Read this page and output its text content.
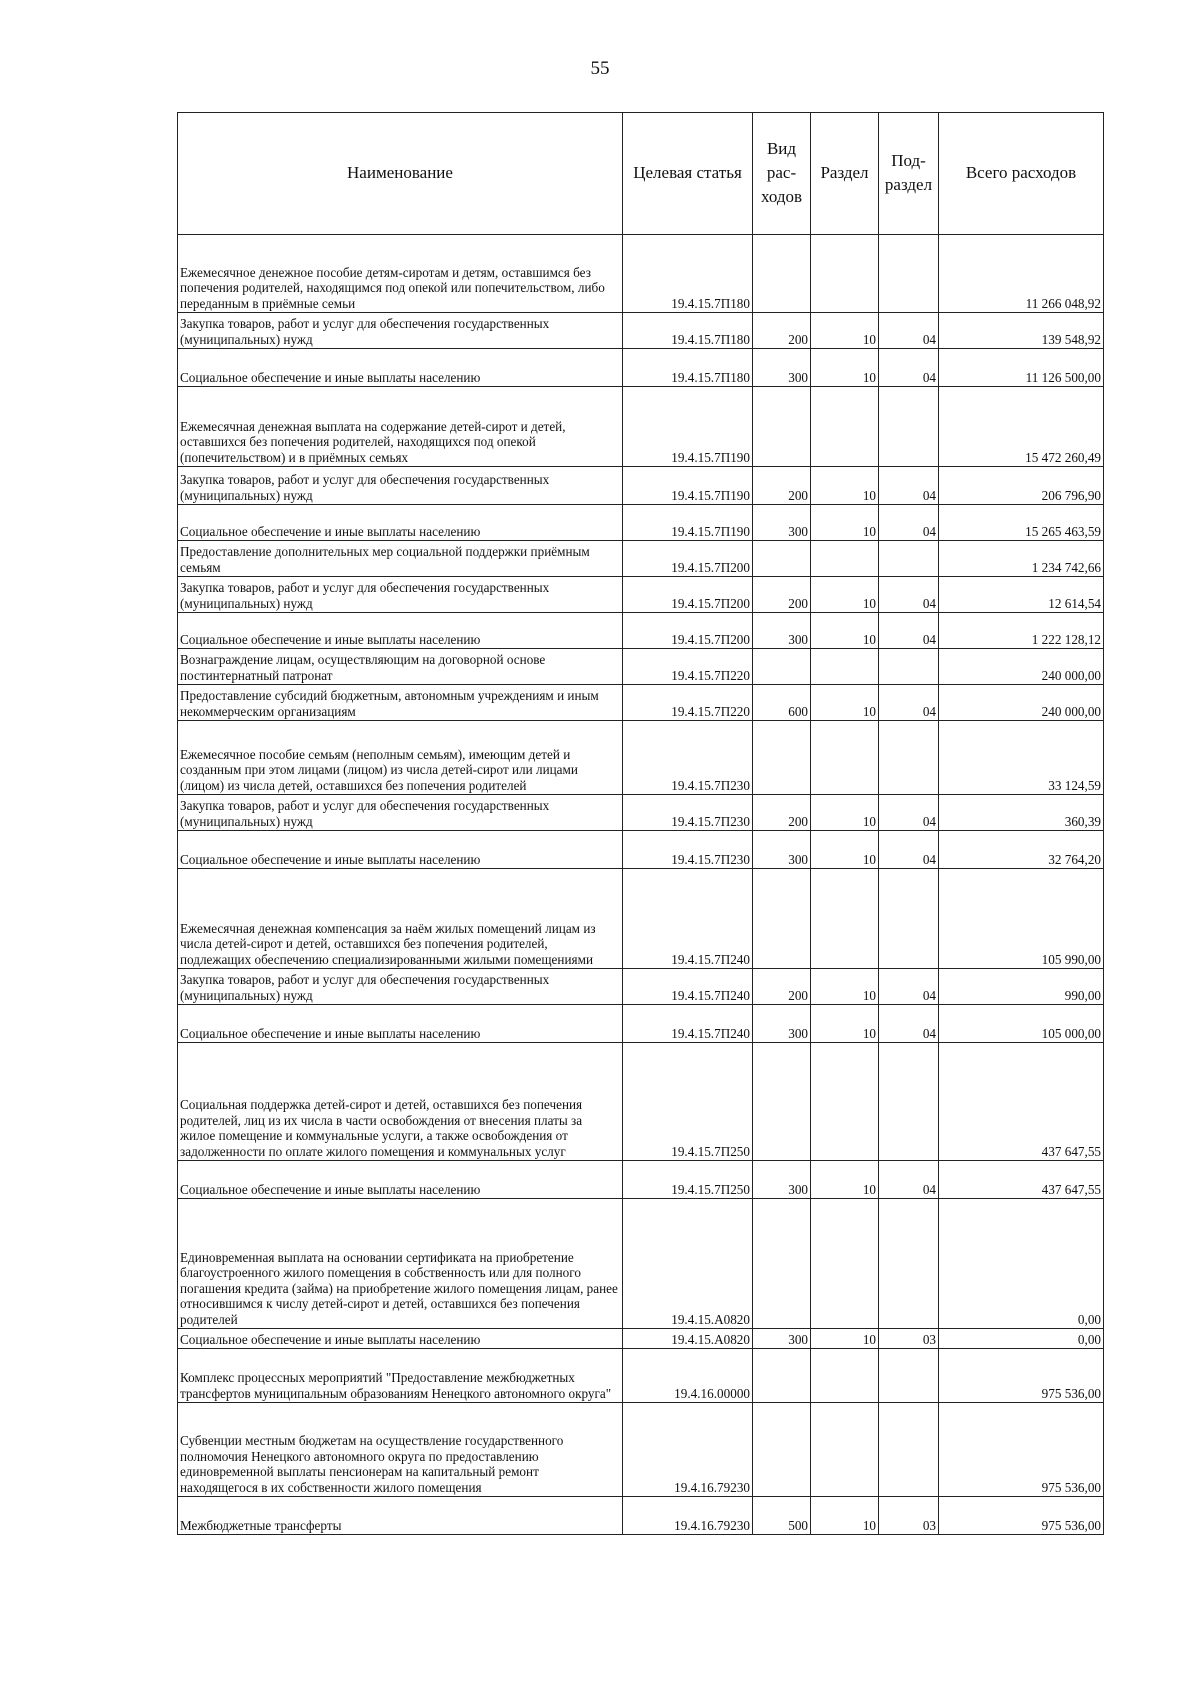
55
Наименование	Целевая статья	Вид рас-ходов	Раздел	Под-раздел	Всего расходов
Ежемесячное денежное пособие детям-сиротам и детям, оставшимся без попечения родителей, находящимся под опекой или попечительством, либо переданным в приёмные семьи	19.4.15.7П180				11 266 048,92
Закупка товаров, работ и услуг для обеспечения государственных (муниципальных) нужд	19.4.15.7П180	200	10	04	139 548,92
Социальное обеспечение и иные выплаты населению	19.4.15.7П180	300	10	04	11 126 500,00
Ежемесячная денежная выплата на содержание детей-сирот и детей, оставшихся без попечения родителей, находящихся под опекой (попечительством) и в приёмных семьях	19.4.15.7П190				15 472 260,49
Закупка товаров, работ и услуг для обеспечения государственных (муниципальных) нужд	19.4.15.7П190	200	10	04	206 796,90
Социальное обеспечение и иные выплаты населению	19.4.15.7П190	300	10	04	15 265 463,59
Предоставление дополнительных мер социальной поддержки приёмным семьям	19.4.15.7П200				1 234 742,66
Закупка товаров, работ и услуг для обеспечения государственных (муниципальных) нужд	19.4.15.7П200	200	10	04	12 614,54
Социальное обеспечение и иные выплаты населению	19.4.15.7П200	300	10	04	1 222 128,12
Вознаграждение лицам, осуществляющим на договорной основе постинтернатный патронат	19.4.15.7П220				240 000,00
Предоставление субсидий бюджетным, автономным учреждениям и иным некоммерческим организациям	19.4.15.7П220	600	10	04	240 000,00
Ежемесячное пособие семьям (неполным семьям), имеющим детей и созданным при этом лицами (лицом) из числа детей-сирот или лицами (лицом) из числа детей, оставшихся без попечения родителей	19.4.15.7П230				33 124,59
Закупка товаров, работ и услуг для обеспечения государственных (муниципальных) нужд	19.4.15.7П230	200	10	04	360,39
Социальное обеспечение и иные выплаты населению	19.4.15.7П230	300	10	04	32 764,20
Ежемесячная денежная компенсация за наём жилых помещений лицам из числа детей-сирот и детей, оставшихся без попечения родителей, подлежащих обеспечению специализированными жилыми помещениями	19.4.15.7П240				105 990,00
Закупка товаров, работ и услуг для обеспечения государственных (муниципальных) нужд	19.4.15.7П240	200	10	04	990,00
Социальное обеспечение и иные выплаты населению	19.4.15.7П240	300	10	04	105 000,00
Социальная поддержка детей-сирот и детей, оставшихся без попечения родителей, лиц из их числа в части освобождения от внесения платы за жилое помещение и коммунальные услуги, а также освобождения от задолженности по оплате жилого помещения и коммунальных услуг	19.4.15.7П250				437 647,55
Социальное обеспечение и иные выплаты населению	19.4.15.7П250	300	10	04	437 647,55
Единовременная выплата на основании сертификата на приобретение благоустроенного жилого помещения в собственность или для полного погашения кредита (займа) на приобретение жилого помещения лицам, ранее относившимся к числу детей-сирот и детей, оставшихся без попечения родителей	19.4.15.А0820				0,00
Социальное обеспечение и иные выплаты населению	19.4.15.А0820	300	10	03	0,00
Комплекс процессных мероприятий "Предоставление межбюджетных трансфертов муниципальным образованиям Ненецкого автономного округа"	19.4.16.00000				975 536,00
Субвенции местным бюджетам на осуществление государственного полномочия Ненецкого автономного округа по предоставлению единовременной выплаты пенсионерам на капитальный ремонт находящегося в их собственности жилого помещения	19.4.16.79230				975 536,00
Межбюджетные трансферты	19.4.16.79230	500	10	03	975 536,00
